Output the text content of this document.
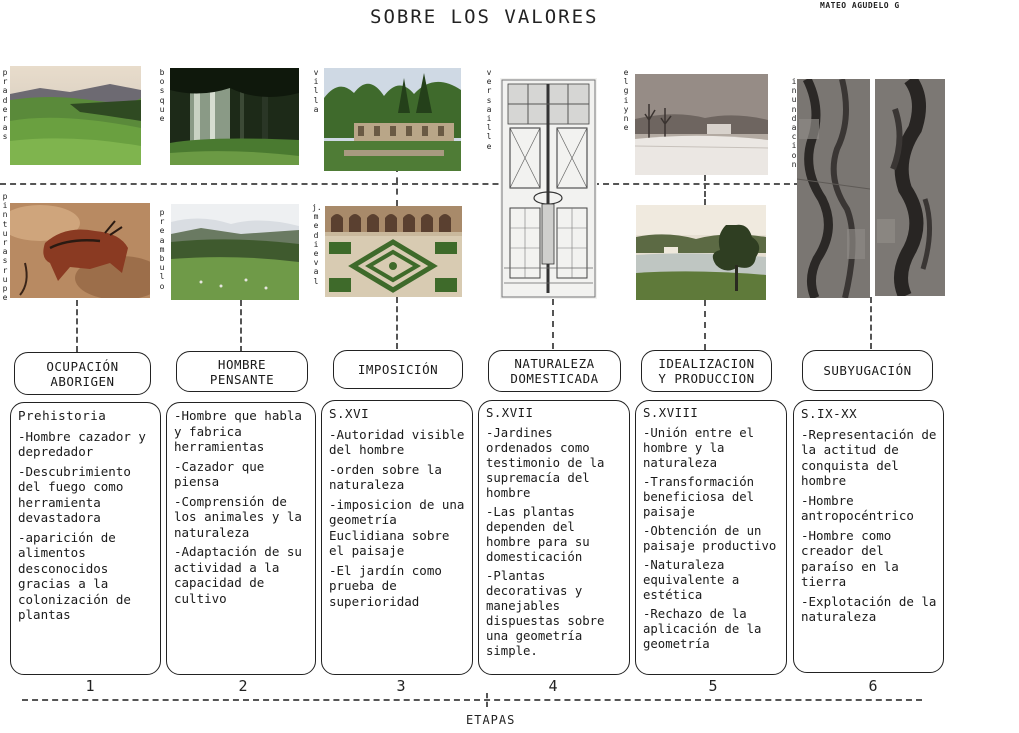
SOBRE LOS VALORES
MATEO AGUDELO G
praderas
pinturasrupe
bosque
preambulo
villa
j.medieval
versaille
elgiyne
inundacion
OCUPACIÓN
ABORIGEN
HOMBRE
PENSANTE
IMPOSICIÓN	NATURALEZA
DOMESTICADA
IDEALIZACION
Y PRODUCCION
SUBYUGACIÓN
Prehistoria
-Hombre cazador y depredador
-Descubrimiento del fuego como herramienta devastadora
-aparición de alimentos desconocidos gracias a la colonización de plantas
-Hombre que habla y fabrica herramientas
-Cazador que piensa
-Comprensión de los animales y la naturaleza
-Adaptación de su actividad a la capacidad de cultivo
S.XVI
-Autoridad visible del hombre
-orden sobre la naturaleza
-imposicion de una geometría Euclidiana sobre el paisaje
-El jardín como prueba de superioridad
S.XVII
-Jardines ordenados como testimonio de la supremacía del hombre
-Las plantas dependen del hombre para su domesticación
-Plantas decorativas y manejables dispuestas sobre una geometría simple.
S.XVIII
-Unión entre el hombre y la naturaleza
-Transformación beneficiosa del paisaje
-Obtención de un paisaje productivo
-Naturaleza equivalente a estética
-Rechazo de la aplicación de la geometría
S.IX-XX
-Representación de la actitud de conquista del hombre
-Hombre antropocéntrico
-Hombre como creador del paraíso en la tierra
-Explotación de la naturaleza
1	2	3	4	5	6
ETAPAS
